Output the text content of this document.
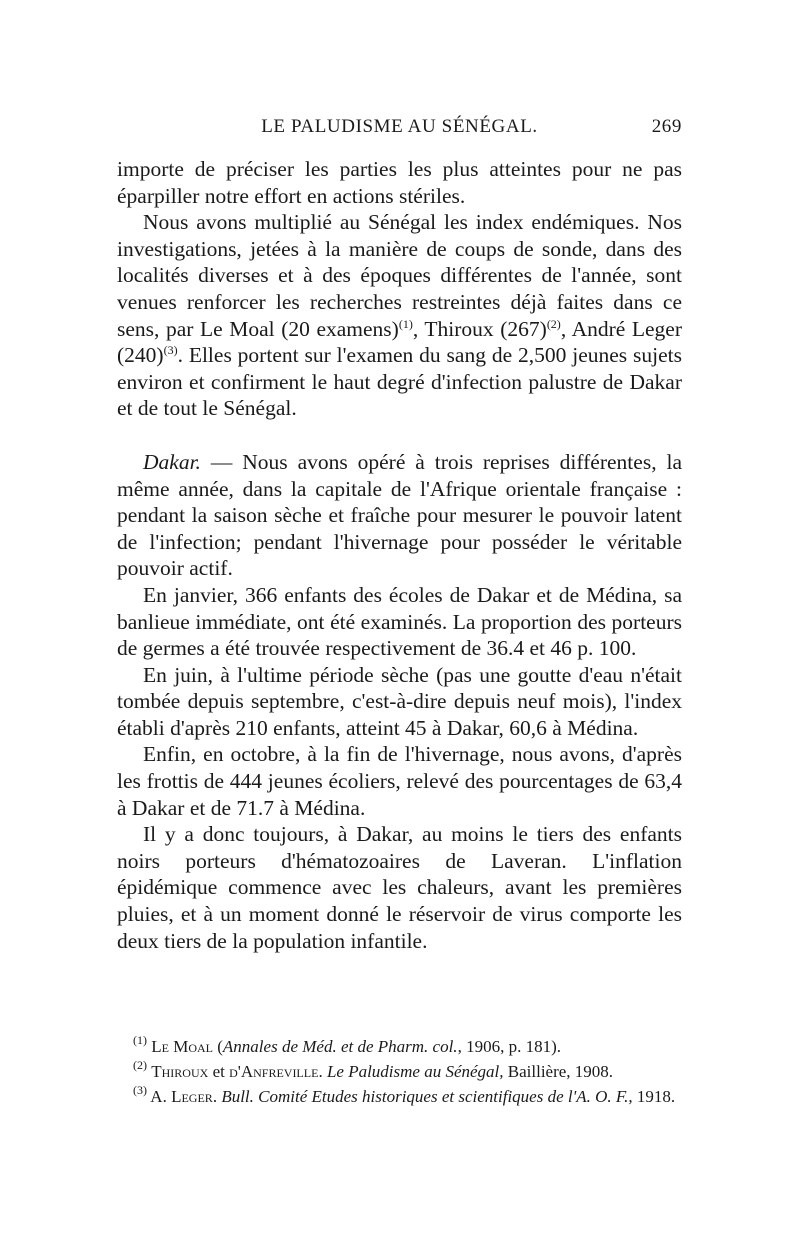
LE PALUDISME AU SÉNÉGAL.	269

importe de préciser les parties les plus atteintes pour ne pas éparpiller notre effort en actions stériles.

Nous avons multiplié au Sénégal les index endémiques. Nos investigations, jetées à la manière de coups de sonde, dans des localités diverses et à des époques différentes de l'année, sont venues renforcer les recherches restreintes déjà faites dans ce sens, par Le Moal (20 examens)$^{(1)}$, Thiroux $(267)^{(2)}$, André Leger $(240)^{(3)}$. Elles portent sur l'examen du sang de 2,500 jeunes sujets environ et confirment le haut degré d'infection palustre de Dakar et de tout le Sénégal.

Dakar. — Nous avons opéré à trois reprises différentes, la même année, dans la capitale de l'Afrique orientale française : pendant la saison sèche et fraîche pour mesurer le pouvoir latent de l'infection; pendant l'hivernage pour posséder le véritable pouvoir actif.

En janvier, 366 enfants des écoles de Dakar et de Médina, sa banlieue immédiate, ont été examinés. La proportion des porteurs de germes a été trouvée respectivement de 36.4 et 46 p. 100.

En juin, à l'ultime période sèche (pas une goutte d'eau n'était tombée depuis septembre, c'est-à-dire depuis neuf mois), l'index établi d'après 210 enfants, atteint 45 à Dakar, 60,6 à Médina.

Enfin, en octobre, à la fin de l'hivernage, nous avons, d'après les frottis de 444 jeunes écoliers, relevé des pourcentages de 63,4 à Dakar et de 71.7 à Médina.

Il y a donc toujours, à Dakar, au moins le tiers des enfants noirs porteurs d'hématozoaires de Laveran. L'inflation épidémique commence avec les chaleurs, avant les premières pluies, et à un moment donné le réservoir de virus comporte les deux tiers de la population infantile.

$^{(1)}$ Le Moal (Annales de Méd. et de Pharm. col., 1906, p. 181).

$^{(2)}$ Thiroux et d'Anfreville. Le Paludisme au Sénégal, Baillière, 1908.

$^{(3)}$ A. Leger. Bull. Comité Etudes historiques et scientifiques de l'A. O. F., 1918.
